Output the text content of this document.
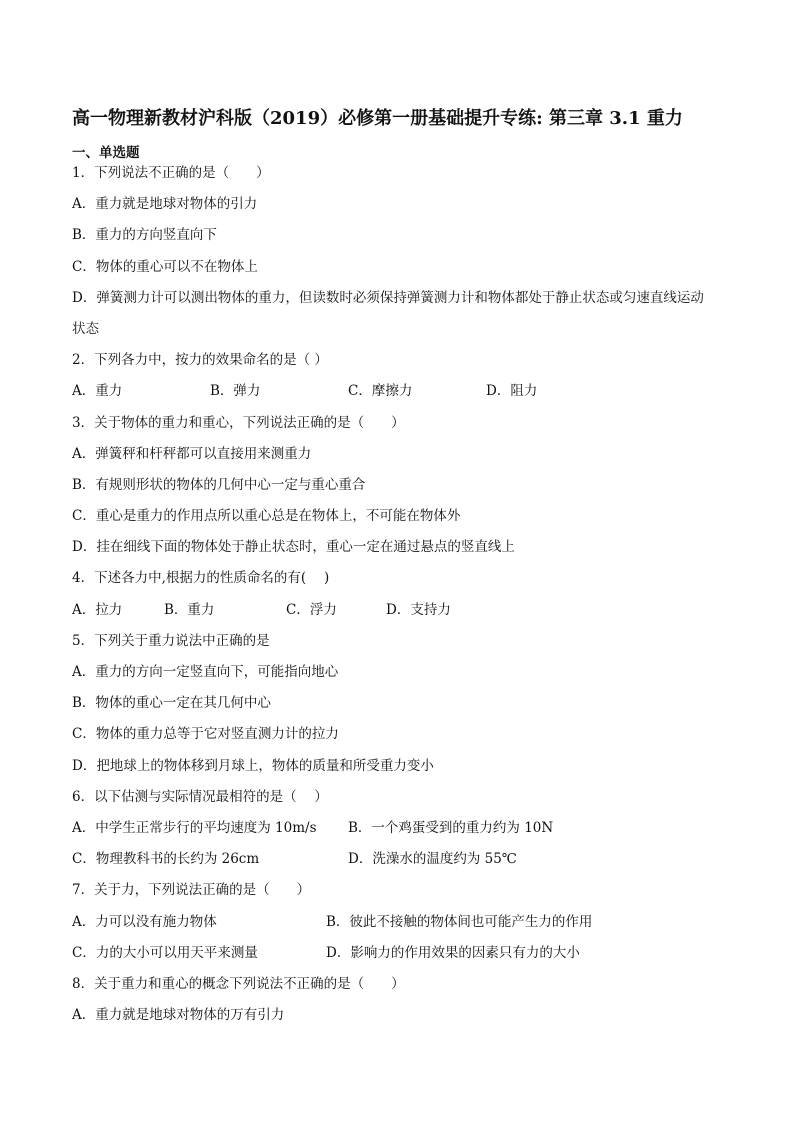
高一物理新教材沪科版（2019）必修第一册基础提升专练: 第三章 3.1 重力
一、单选题
1．下列说法不正确的是（　　）
A．重力就是地球对物体的引力
B．重力的方向竖直向下
C．物体的重心可以不在物体上
D．弹簧测力计可以测出物体的重力，但读数时必须保持弹簧测力计和物体都处于静止状态或匀速直线运动
状态
2．下列各力中，按力的效果命名的是（ ）
A．重力	B．弹力	C．摩擦力	D．阻力
3．关于物体的重力和重心，下列说法正确的是（　　）
A．弹簧秤和杆秤都可以直接用来测重力
B．有规则形状的物体的几何中心一定与重心重合
C．重心是重力的作用点所以重心总是在物体上，不可能在物体外
D．挂在细线下面的物体处于静止状态时，重心一定在通过悬点的竖直线上
4．下述各力中,根据力的性质命名的有(　 )
A．拉力	B．重力	C．浮力	D．支持力
5．下列关于重力说法中正确的是
A．重力的方向一定竖直向下，可能指向地心
B．物体的重心一定在其几何中心
C．物体的重力总等于它对竖直测力计的拉力
D．把地球上的物体移到月球上，物体的质量和所受重力变小
6．以下估测与实际情况最相符的是（　 ）
A．中学生正常步行的平均速度为 10m/s B．一个鸡蛋受到的重力约为 10N
C．物理教科书的长约为 26cm	D．洗澡水的温度约为 55℃
7．关于力，下列说法正确的是（　　）
A．力可以没有施力物体	B．彼此不接触的物体间也可能产生力的作用
C．力的大小可以用天平来测量	D．影响力的作用效果的因素只有力的大小
8．关于重力和重心的概念下列说法不正确的是（　　）
A．重力就是地球对物体的万有引力
